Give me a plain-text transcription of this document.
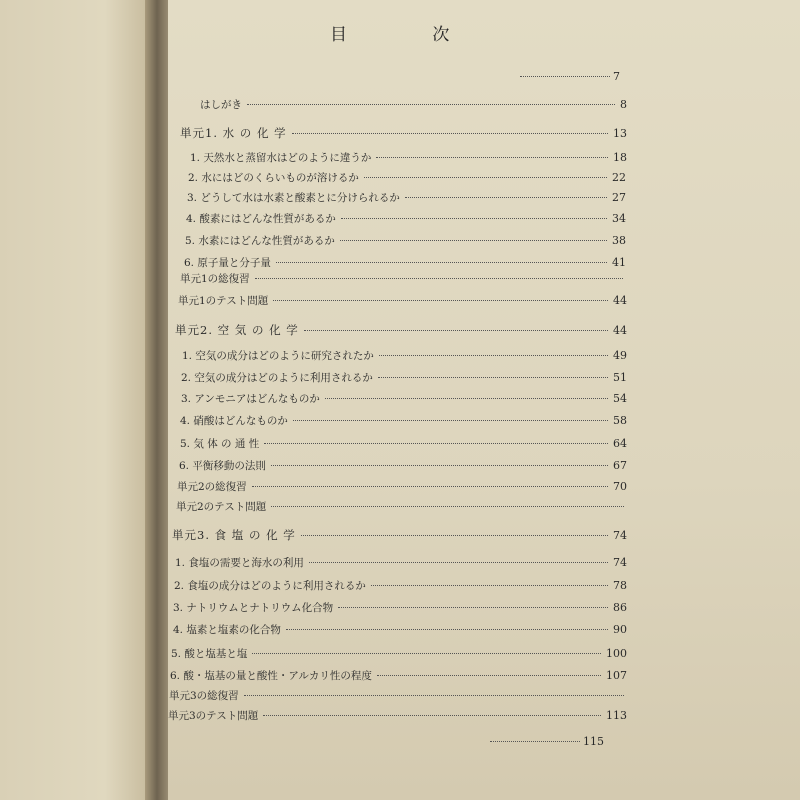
目 次
7
はしがき	8
単元1. 水 の 化 学	13
1. 天然水と蒸留水はどのように違うか	18
2. 水にはどのくらいものが溶けるか	22
3. どうして水は水素と酸素とに分けられるか	27
4. 酸素にはどんな性質があるか	34
5. 水素にはどんな性質があるか	38
6. 原子量と分子量	41
単元1の総復習
単元1のテスト問題	44
単元2. 空 気 の 化 学	44
1. 空気の成分はどのように研究されたか	49
2. 空気の成分はどのように利用されるか	51
3. アンモニアはどんなものか	54
4. 硝酸はどんなものか	58
5. 気 体 の 通 性	64
6. 平衡移動の法則	67
単元2の総復習	70
単元2のテスト問題
単元3. 食 塩 の 化 学	74
1. 食塩の需要と海水の利用	74
2. 食塩の成分はどのように利用されるか	78
3. ナトリウムとナトリウム化合物	86
4. 塩素と塩素の化合物	90
5. 酸と塩基と塩	100
6. 酸・塩基の量と酸性・アルカリ性の程度	107
単元3の総復習
単元3のテスト問題	113
115
